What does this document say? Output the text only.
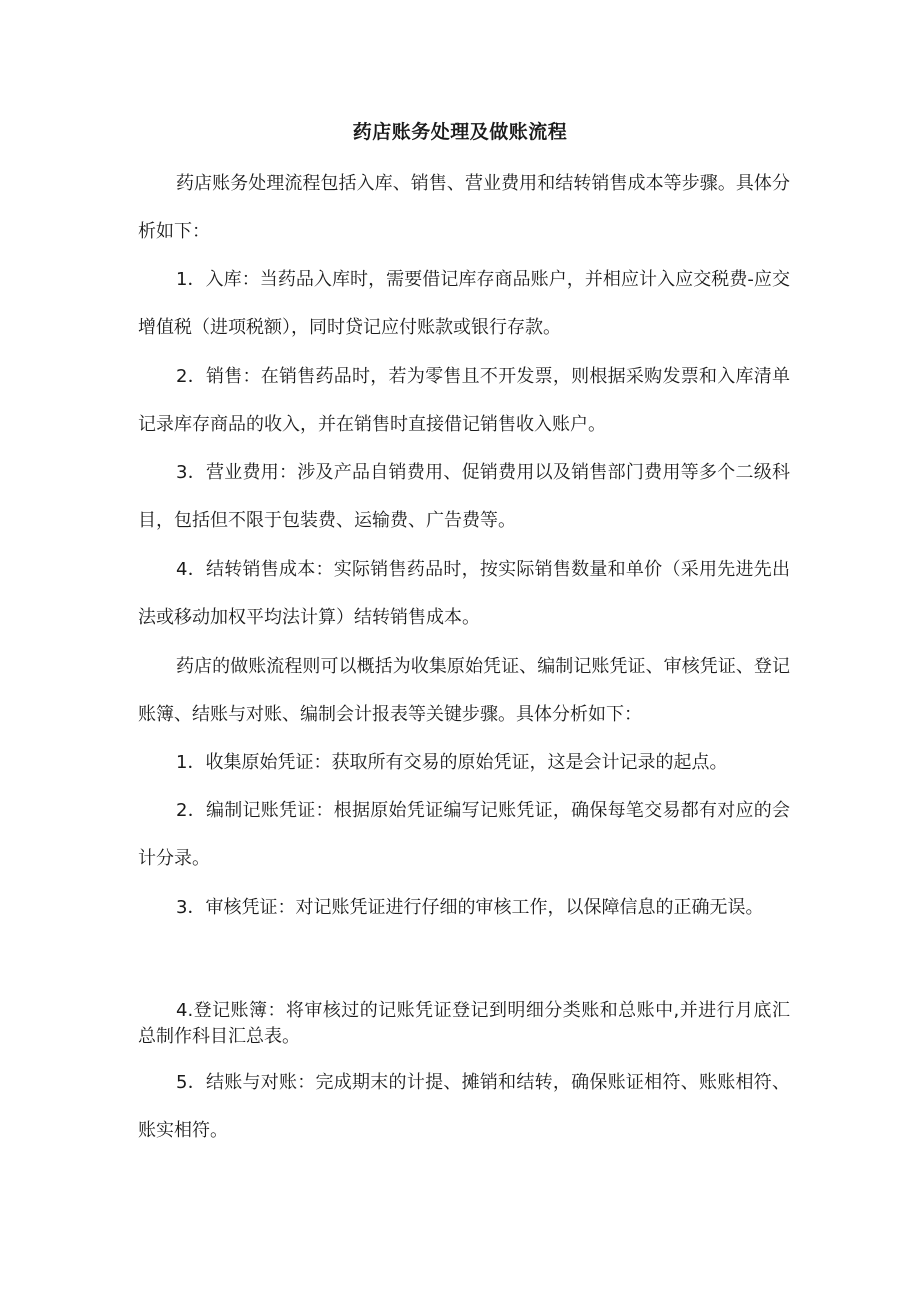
药店账务处理及做账流程

药店账务处理流程包括入库、销售、营业费用和结转销售成本等步骤。具体分析如下：

1．入库：当药品入库时，需要借记库存商品账户，并相应计入应交税费-应交增值税（进项税额），同时贷记应付账款或银行存款。

2．销售：在销售药品时，若为零售且不开发票，则根据采购发票和入库清单记录库存商品的收入，并在销售时直接借记销售收入账户。

3．营业费用：涉及产品自销费用、促销费用以及销售部门费用等多个二级科目，包括但不限于包装费、运输费、广告费等。

4．结转销售成本：实际销售药品时，按实际销售数量和单价（采用先进先出法或移动加权平均法计算）结转销售成本。

药店的做账流程则可以概括为收集原始凭证、编制记账凭证、审核凭证、登记账簿、结账与对账、编制会计报表等关键步骤。具体分析如下：

1．收集原始凭证：获取所有交易的原始凭证，这是会计记录的起点。

2．编制记账凭证：根据原始凭证编写记账凭证，确保每笔交易都有对应的会计分录。

3．审核凭证：对记账凭证进行仔细的审核工作，以保障信息的正确无误。

4.登记账簿：将审核过的记账凭证登记到明细分类账和总账中,并进行月底汇总制作科目汇总表。

5．结账与对账：完成期末的计提、摊销和结转，确保账证相符、账账相符、账实相符。
